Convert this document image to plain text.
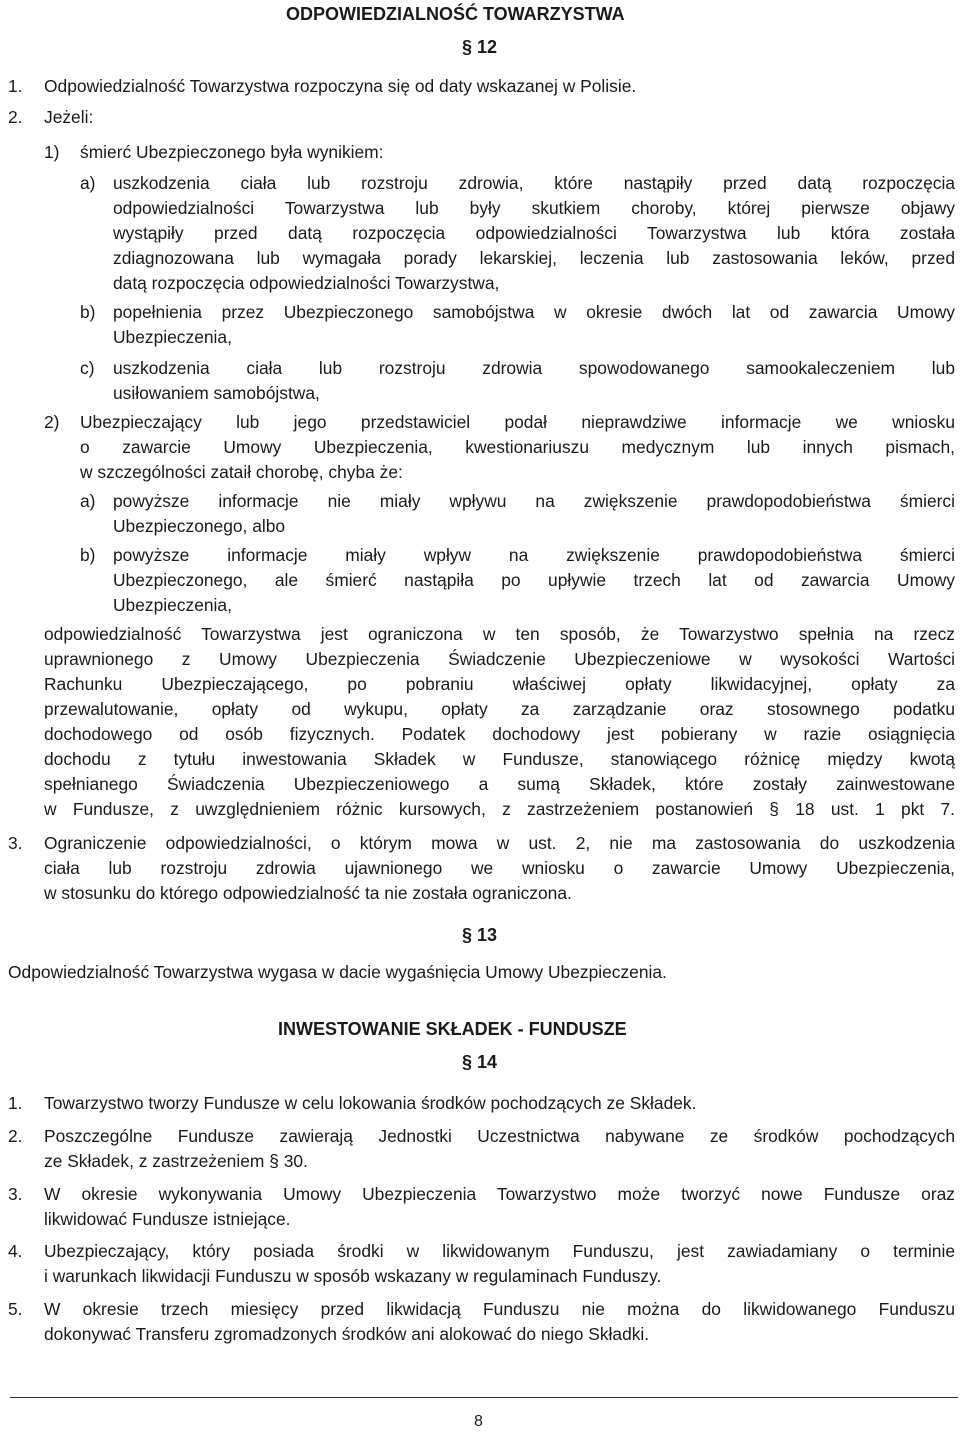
ODPOWIEDZIALNOŚĆ TOWARZYSTWA
§ 12
1. Odpowiedzialność Towarzystwa rozpoczyna się od daty wskazanej w Polisie.
2. Jeżeli:
1) śmierć Ubezpieczonego była wynikiem:
a) uszkodzenia ciała lub rozstroju zdrowia, które nastąpiły przed datą rozpoczęcia
odpowiedzialności Towarzystwa lub były skutkiem choroby, której pierwsze objawy
wystąpiły przed datą rozpoczęcia odpowiedzialności Towarzystwa lub która została
zdiagnozowana lub wymagała porady lekarskiej, leczenia lub zastosowania leków, przed
datą rozpoczęcia odpowiedzialności Towarzystwa,
b) popełnienia przez Ubezpieczonego samobójstwa w okresie dwóch lat od zawarcia Umowy
Ubezpieczenia,
c) uszkodzenia ciała lub rozstroju zdrowia spowodowanego samookaleczeniem lub
usiłowaniem samobójstwa,
2) Ubezpieczający lub jego przedstawiciel podał nieprawdziwe informacje we wniosku
o zawarcie Umowy Ubezpieczenia, kwestionariuszu medycznym lub innych pismach,
w szczególności zataił chorobę, chyba że:
a) powyższe informacje nie miały wpływu na zwiększenie prawdopodobieństwa śmierci
Ubezpieczonego, albo
b) powyższe informacje miały wpływ na zwiększenie prawdopodobieństwa śmierci
Ubezpieczonego, ale śmierć nastąpiła po upływie trzech lat od zawarcia Umowy
Ubezpieczenia,
odpowiedzialność Towarzystwa jest ograniczona w ten sposób, że Towarzystwo spełnia na rzecz
uprawnionego z Umowy Ubezpieczenia Świadczenie Ubezpieczeniowe w wysokości Wartości
Rachunku Ubezpieczającego, po pobraniu właściwej opłaty likwidacyjnej, opłaty za
przewalutowanie, opłaty od wykupu, opłaty za zarządzanie oraz stosownego podatku
dochodowego od osób fizycznych. Podatek dochodowy jest pobierany w razie osiągnięcia
dochodu z tytułu inwestowania Składek w Fundusze, stanowiącego różnicę między kwotą
spełnianego Świadczenia Ubezpieczeniowego a sumą Składek, które zostały zainwestowane
w Fundusze, z uwzględnieniem różnic kursowych, z zastrzeżeniem postanowień § 18 ust. 1 pkt 7.
3. Ograniczenie odpowiedzialności, o którym mowa w ust. 2, nie ma zastosowania do uszkodzenia
ciała lub rozstroju zdrowia ujawnionego we wniosku o zawarcie Umowy Ubezpieczenia,
w stosunku do którego odpowiedzialność ta nie została ograniczona.
§ 13
Odpowiedzialność Towarzystwa wygasa w dacie wygaśnięcia Umowy Ubezpieczenia.
INWESTOWANIE SKŁADEK - FUNDUSZE
§ 14
1. Towarzystwo tworzy Fundusze w celu lokowania środków pochodzących ze Składek.
2. Poszczególne Fundusze zawierają Jednostki Uczestnictwa nabywane ze środków pochodzących
ze Składek, z zastrzeżeniem § 30.
3. W okresie wykonywania Umowy Ubezpieczenia Towarzystwo może tworzyć nowe Fundusze oraz
likwidować Fundusze istniejące.
4. Ubezpieczający, który posiada środki w likwidowanym Funduszu, jest zawiadamiany o terminie
i warunkach likwidacji Funduszu w sposób wskazany w regulaminach Funduszy.
5. W okresie trzech miesięcy przed likwidacją Funduszu nie można do likwidowanego Funduszu
dokonywać Transferu zgromadzonych środków ani alokować do niego Składki.
8
